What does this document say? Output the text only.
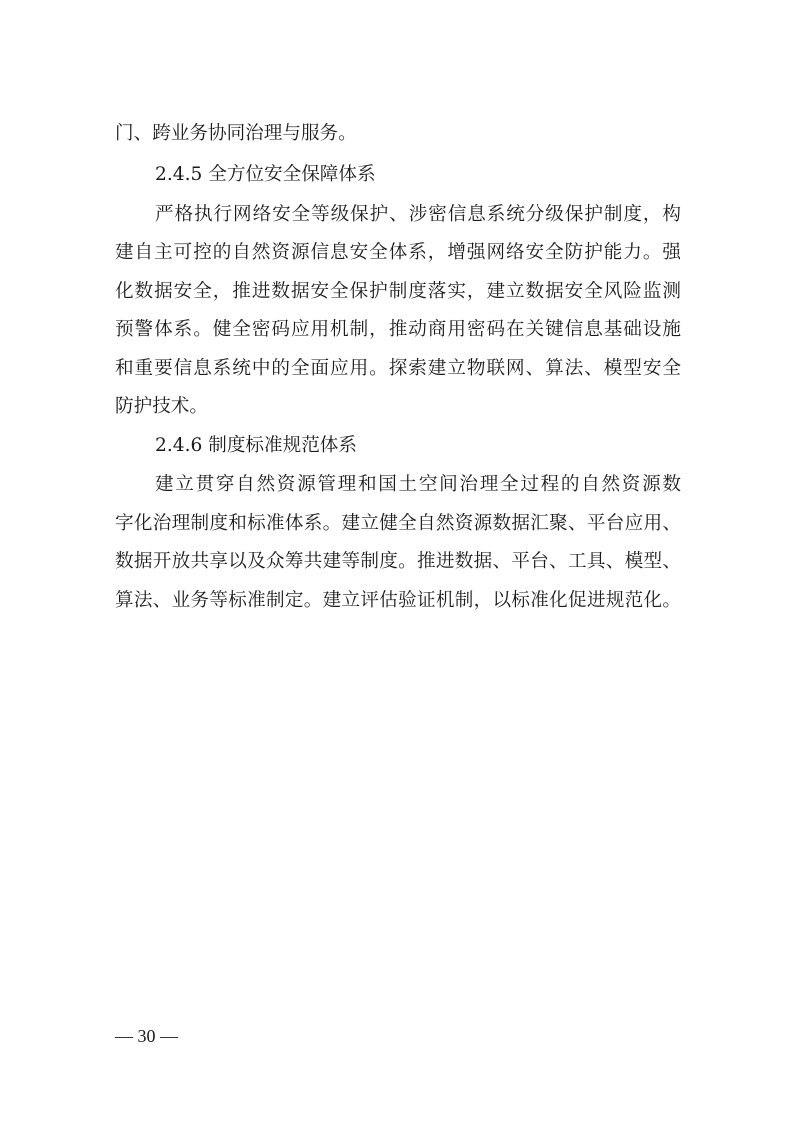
门、跨业务协同治理与服务。
2.4.5 全方位安全保障体系
严格执行网络安全等级保护、涉密信息系统分级保护制度，构
建自主可控的自然资源信息安全体系，增强网络安全防护能力。强
化数据安全，推进数据安全保护制度落实，建立数据安全风险监测
预警体系。健全密码应用机制，推动商用密码在关键信息基础设施
和重要信息系统中的全面应用。探索建立物联网、算法、模型安全
防护技术。
2.4.6 制度标准规范体系
建立贯穿自然资源管理和国土空间治理全过程的自然资源数
字化治理制度和标准体系。建立健全自然资源数据汇聚、平台应用、
数据开放共享以及众筹共建等制度。推进数据、平台、工具、模型、
算法、业务等标准制定。建立评估验证机制，以标准化促进规范化。
— 30 —
